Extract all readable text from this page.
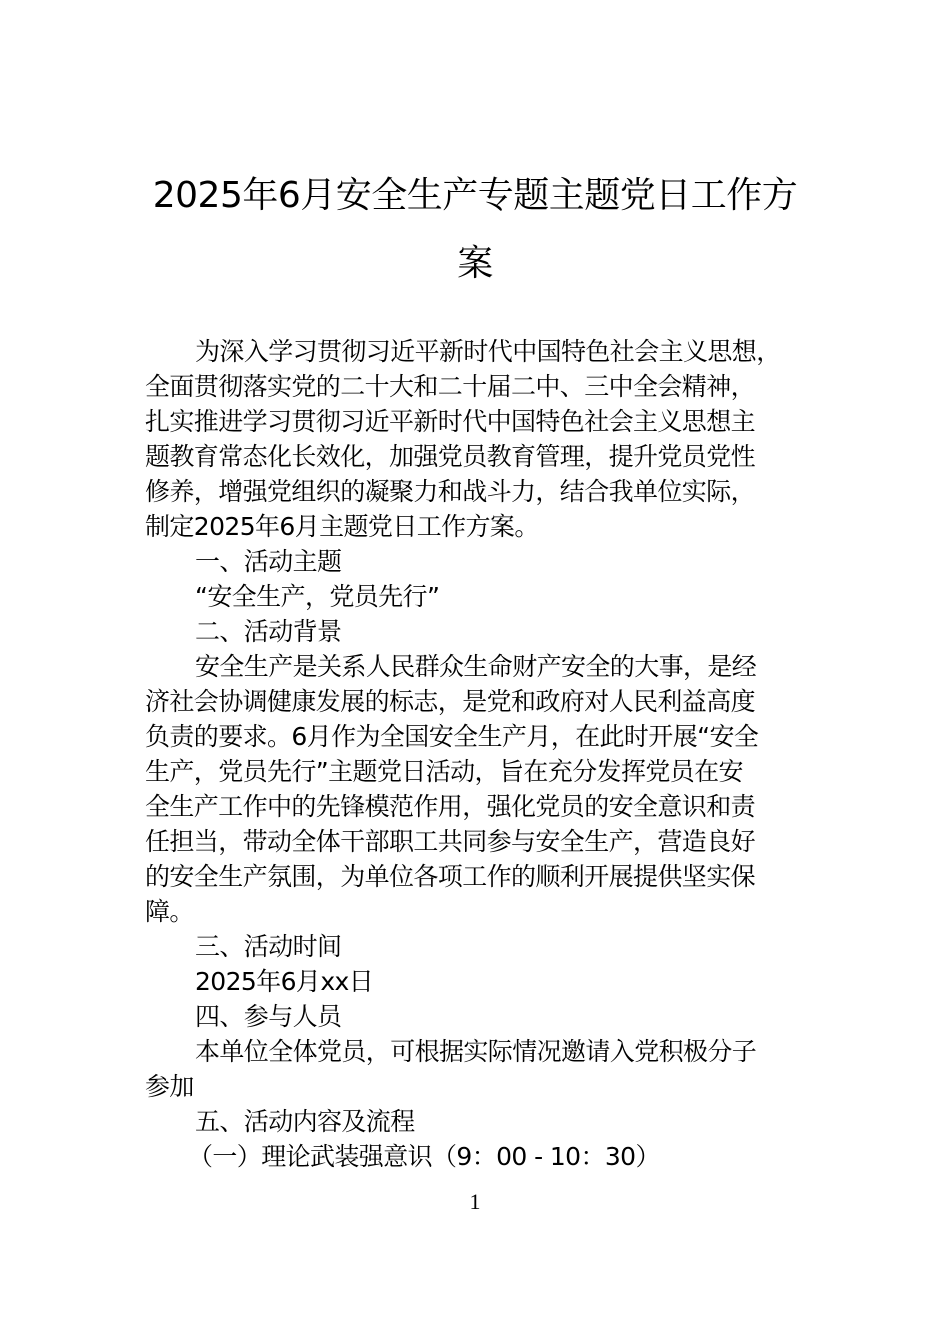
2025年6月安全生产专题主题党日工作方
案
为深入学习贯彻习近平新时代中国特色社会主义思想，
全面贯彻落实党的二十大和二十届二中、三中全会精神，
扎实推进学习贯彻习近平新时代中国特色社会主义思想主
题教育常态化长效化，加强党员教育管理，提升党员党性
修养，增强党组织的凝聚力和战斗力，结合我单位实际，
制定2025年6月主题党日工作方案。
一、活动主题
“安全生产，党员先行”
二、活动背景
安全生产是关系人民群众生命财产安全的大事，是经
济社会协调健康发展的标志，是党和政府对人民利益高度
负责的要求。6月作为全国安全生产月，在此时开展“安全
生产，党员先行”主题党日活动，旨在充分发挥党员在安
全生产工作中的先锋模范作用，强化党员的安全意识和责
任担当，带动全体干部职工共同参与安全生产，营造良好
的安全生产氛围，为单位各项工作的顺利开展提供坚实保
障。
三、活动时间
2025年6月xx日
四、参与人员
本单位全体党员，可根据实际情况邀请入党积极分子
参加
五、活动内容及流程
（一）理论武装强意识（9：00 - 10：30）
1
